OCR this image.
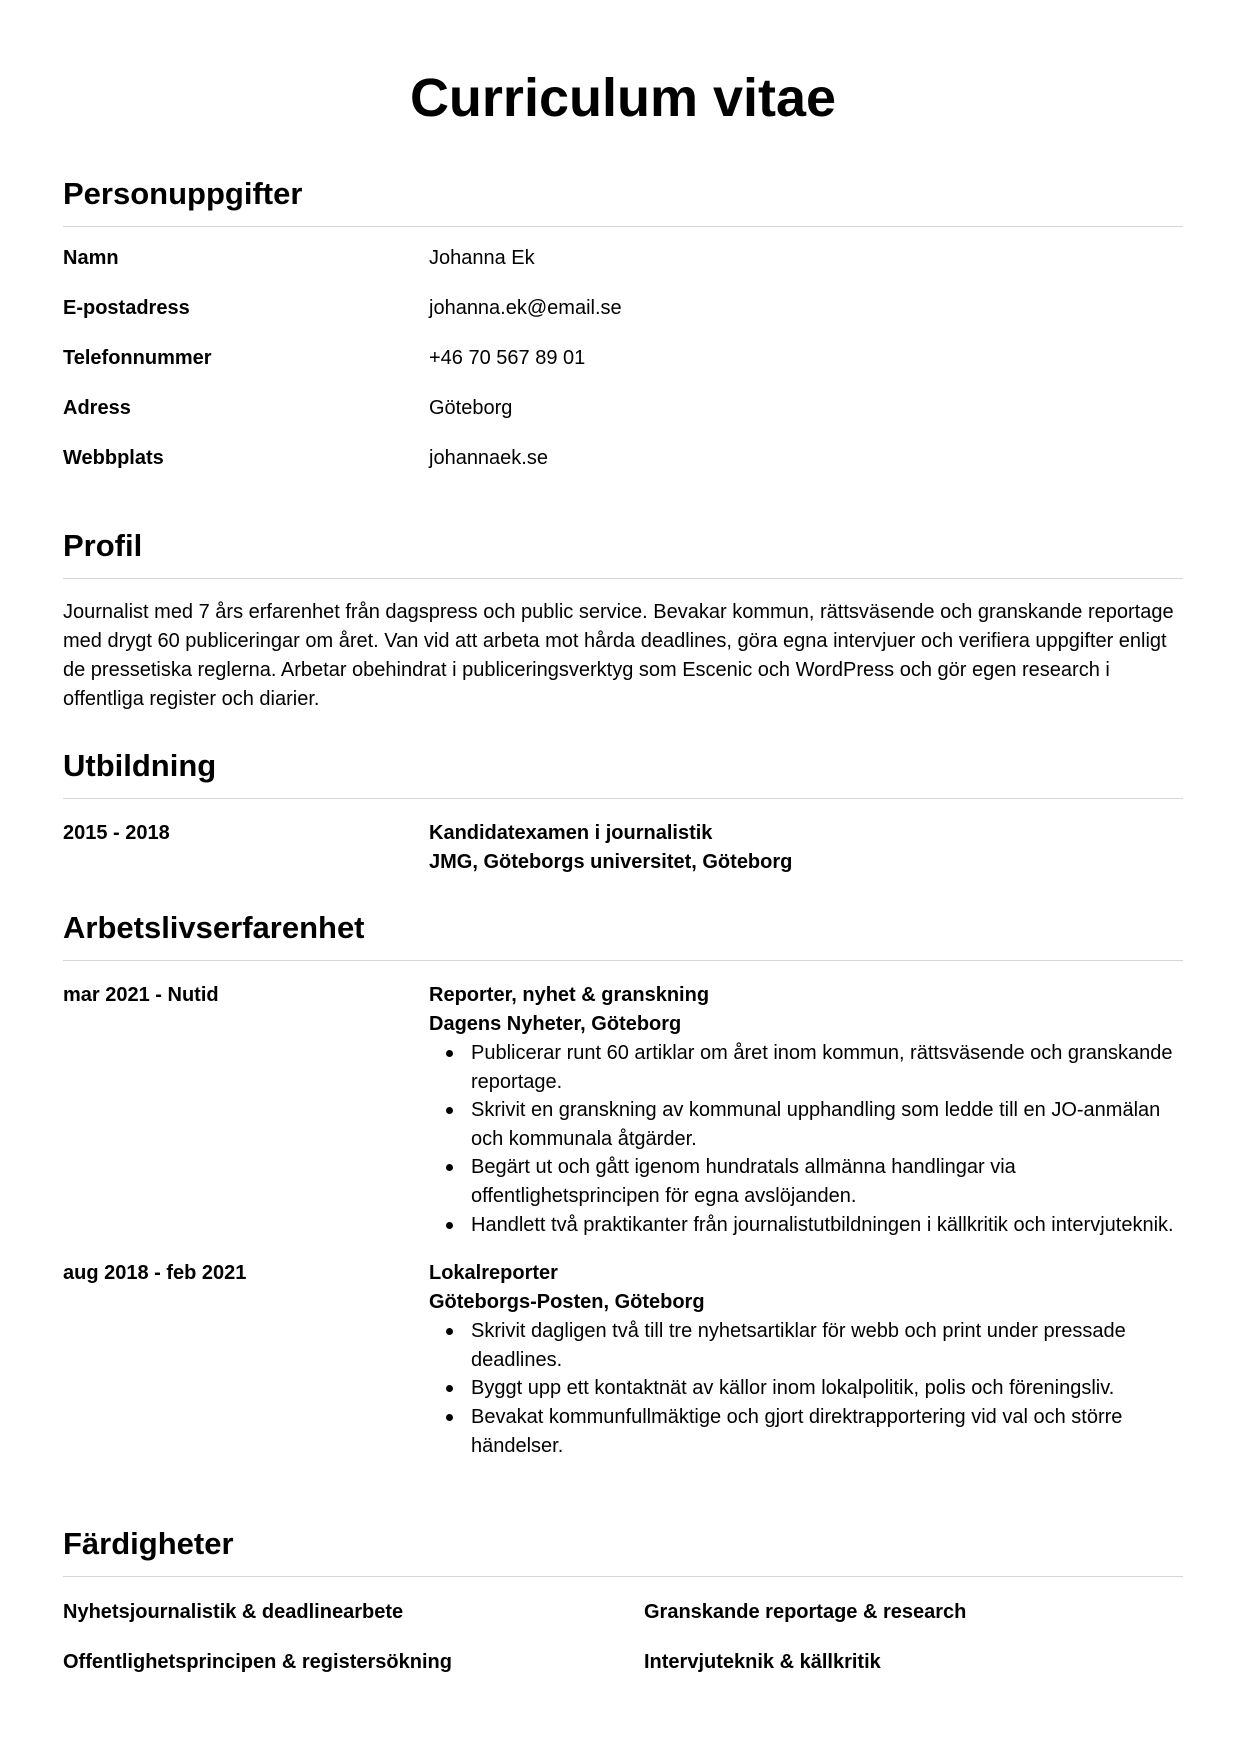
Curriculum vitae
Personuppgifter
Namn	Johanna Ek
E-postadress	johanna.ek@email.se
Telefonnummer	+46 70 567 89 01
Adress	Göteborg
Webbplats	johannaek.se
Profil

Journalist med 7 års erfarenhet från dagspress och public service. Bevakar kommun, rättsväsende och granskande reportage med drygt 60 publiceringar om året. Van vid att arbeta mot hårda deadlines, göra egna intervjuer och verifiera uppgifter enligt de pressetiska reglerna. Arbetar obehindrat i publiceringsverktyg som Escenic och WordPress och gör egen research i offentliga register och diarier.

Utbildning
2015 - 2018	Kandidatexamen i journalistik
JMG, Göteborgs universitet, Göteborg
Arbetslivserfarenhet
mar 2021 - Nutid	Reporter, nyhet & granskning
Dagens Nyheter, Göteborg
Publicerar runt 60 artiklar om året inom kommun, rättsväsende och granskande reportage.
Skrivit en granskning av kommunal upphandling som ledde till en JO-anmälan och kommunala åtgärder.
Begärt ut och gått igenom hundratals allmänna handlingar via offentlighetsprincipen för egna avslöjanden.
Handlett två praktikanter från journalistutbildningen i källkritik och intervjuteknik.
aug 2018 - feb 2021	Lokalreporter
Göteborgs-Posten, Göteborg
Skrivit dagligen två till tre nyhetsartiklar för webb och print under pressade deadlines.
Byggt upp ett kontaktnät av källor inom lokalpolitik, polis och föreningsliv.
Bevakat kommunfullmäktige och gjort direktrapportering vid val och större händelser.
Färdigheter
Nyhetsjournalistik & deadlinearbete	Granskande reportage & research
Offentlighetsprincipen & registersökning	Intervjuteknik & källkritik
